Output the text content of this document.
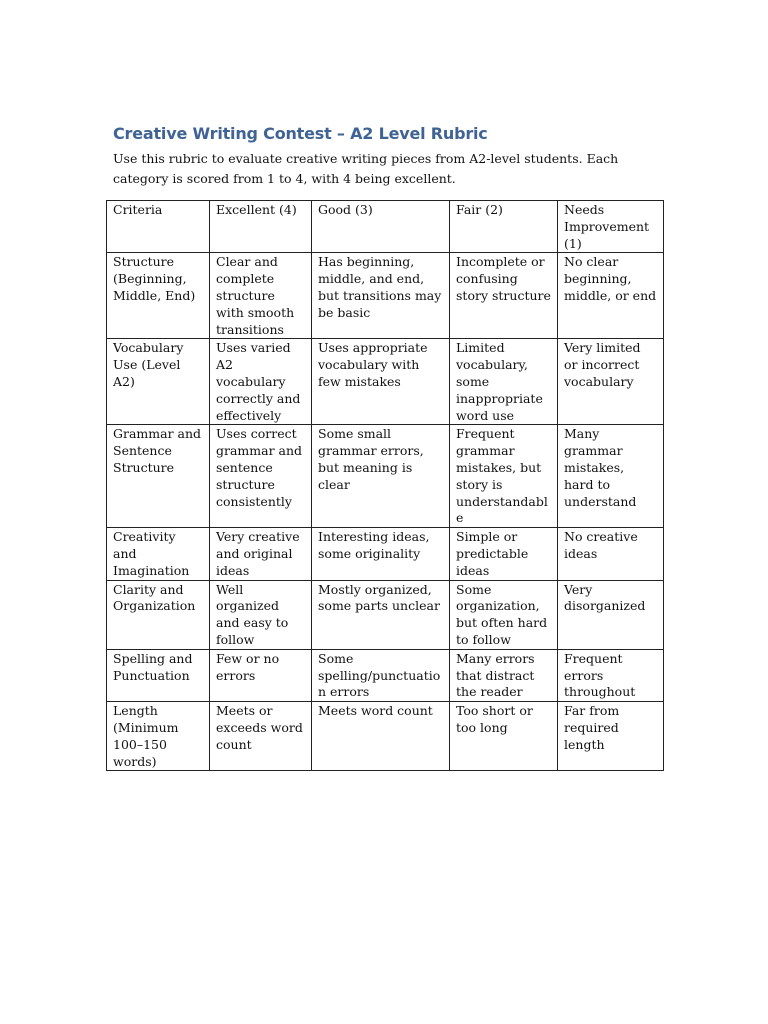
Creative Writing Contest – A2 Level Rubric

Use this rubric to evaluate creative writing pieces from A2-level students. Each category is scored from 1 to 4, with 4 being excellent.

Criteria	Excellent (4)	Good (3)	Fair (2)	Needs Improvement (1)
Structure (Beginning, Middle, End)	Clear and complete structure with smooth transitions	Has beginning, middle, and end, but transitions may be basic	Incomplete or confusing story structure	No clear beginning, middle, or end
Vocabulary Use (Level A2)	Uses varied A2 vocabulary correctly and effectively	Uses appropriate vocabulary with few mistakes	Limited vocabulary, some inappropriate word use	Very limited or incorrect vocabulary
Grammar and Sentence Structure	Uses correct grammar and sentence structure consistently	Some small grammar errors, but meaning is clear	Frequent grammar mistakes, but story is understandable	Many grammar mistakes, hard to understand
Creativity and Imagination	Very creative and original ideas	Interesting ideas, some originality	Simple or predictable ideas	No creative ideas
Clarity and Organization	Well organized and easy to follow	Mostly organized, some parts unclear	Some organization, but often hard to follow	Very disorganized
Spelling and Punctuation	Few or no errors	Some spelling/punctuation errors	Many errors that distract the reader	Frequent errors throughout
Length (Minimum 100–150 words)	Meets or exceeds word count	Meets word count	Too short or too long	Far from required length
